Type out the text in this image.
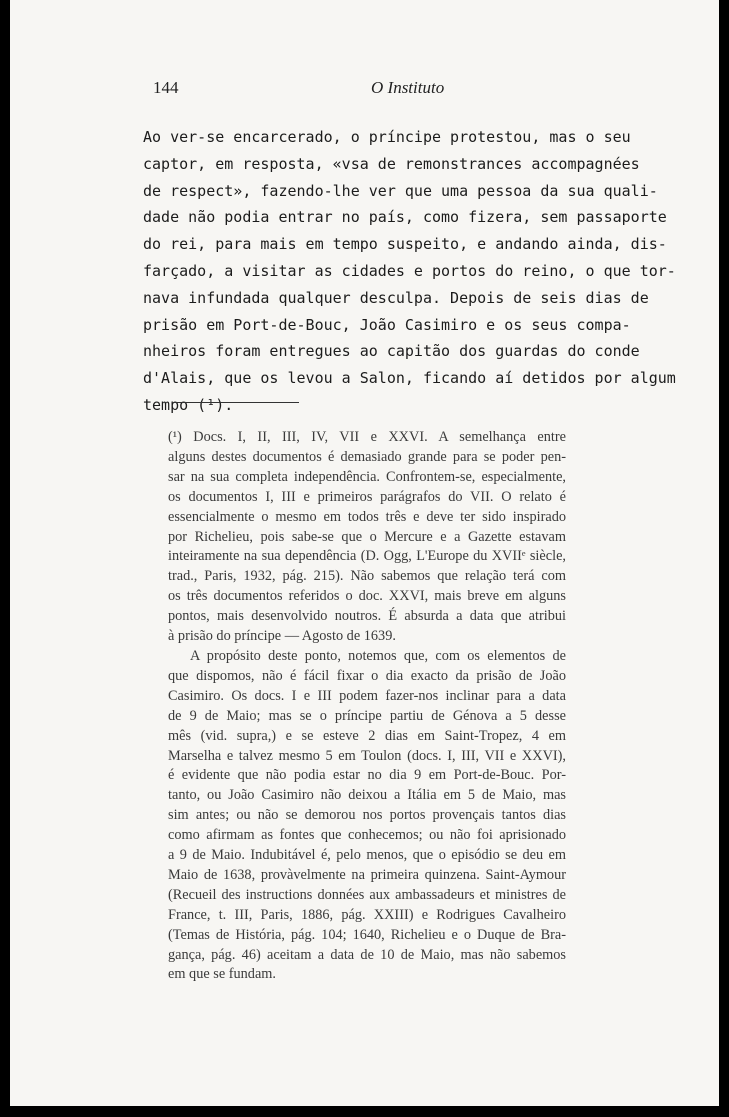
144	O Instituto
Ao ver-se encarcerado, o príncipe protestou, mas o seu
captor, em resposta, «vsa de remonstrances accompagnées
de respect», fazendo-lhe ver que uma pessoa da sua quali-
dade não podia entrar no país, como fizera, sem passaporte
do rei, para mais em tempo suspeito, e andando ainda, dis-
farçado, a visitar as cidades e portos do reino, o que tor-
nava infundada qualquer desculpa. Depois de seis dias de
prisão em Port-de-Bouc, João Casimiro e os seus compa-
nheiros foram entregues ao capitão dos guardas do conde
d'Alais, que os levou a Salon, ficando aí detidos por algum
tempo (¹).
(¹) Docs. I, II, III, IV, VII e XXVI. A semelhança entre
alguns destes documentos é demasiado grande para se poder pen-
sar na sua completa independência. Confrontem-se, especialmente,
os documentos I, III e primeiros parágrafos do VII. O relato é
essencialmente o mesmo em todos três e deve ter sido inspirado
por Richelieu, pois sabe-se que o Mercure e a Gazette estavam
inteiramente na sua dependência (D. Ogg, L'Europe du XVIIᵉ siècle,
trad., Paris, 1932, pág. 215). Não sabemos que relação terá com
os três documentos referidos o doc. XXVI, mais breve em alguns
pontos, mais desenvolvido noutros. É absurda a data que atribui
à prisão do príncipe — Agosto de 1639.
A propósito deste ponto, notemos que, com os elementos de
que dispomos, não é fácil fixar o dia exacto da prisão de João
Casimiro. Os docs. I e III podem fazer-nos inclinar para a data
de 9 de Maio; mas se o príncipe partiu de Génova a 5 desse
mês (vid. supra,) e se esteve 2 dias em Saint-Tropez, 4 em
Marselha e talvez mesmo 5 em Toulon (docs. I, III, VII e XXVI),
é evidente que não podia estar no dia 9 em Port-de-Bouc. Por-
tanto, ou João Casimiro não deixou a Itália em 5 de Maio, mas
sim antes; ou não se demorou nos portos provençais tantos dias
como afirmam as fontes que conhecemos; ou não foi aprisionado
a 9 de Maio. Indubitável é, pelo menos, que o episódio se deu em
Maio de 1638, provàvelmente na primeira quinzena. Saint-Aymour
(Recueil des instructions données aux ambassadeurs et ministres de
France, t. III, Paris, 1886, pág. XXIII) e Rodrigues Cavalheiro
(Temas de História, pág. 104; 1640, Richelieu e o Duque de Bra-
gança, pág. 46) aceitam a data de 10 de Maio, mas não sabemos
em que se fundam.
